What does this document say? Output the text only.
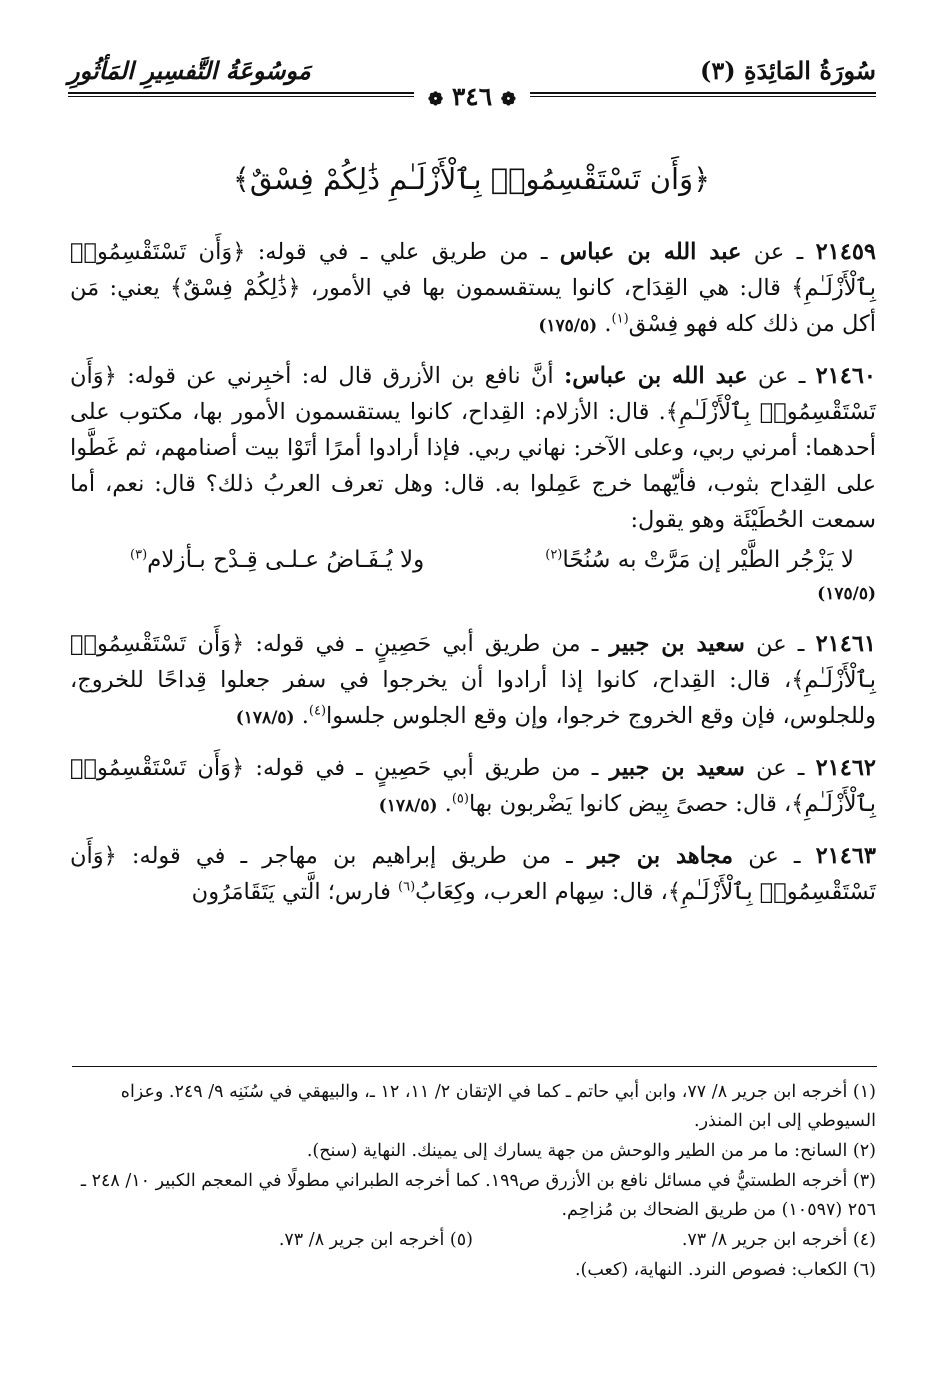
سُورَةُ المَائِدَةِ (٣)
مَوسُوعَةُ التَّفسِيرِ المَأثُورِ
❁ ٣٤٦ ❁
﴿وَأَن تَسْتَقْسِمُوا۟ بِٱلْأَزْلَـٰمِ ذَٰلِكُمْ فِسْقٌ﴾

٢١٤٥٩ ـ عن عبد الله بن عباس ـ من طريق علي ـ في قوله: ﴿وَأَن تَسْتَقْسِمُوا۟ بِٱلْأَزْلَـٰمِ﴾ قال: هي القِدَاح، كانوا يستقسمون بها في الأمور، ﴿ذَٰلِكُمْ فِسْقٌ﴾ يعني: مَن أكل من ذلك كله فهو فِسْق$^{(١)}$. (١٧٥/٥)

٢١٤٦٠ ـ عن عبد الله بن عباس: أنَّ نافع بن الأزرق قال له: أخبِرني عن قوله: ﴿وَأَن تَسْتَقْسِمُوا۟ بِٱلْأَزْلَـٰمِ﴾. قال: الأزلام: القِداح، كانوا يستقسمون الأمور بها، مكتوب على أحدهما: أمرني ربي، وعلى الآخر: نهاني ربي. فإذا أرادوا أمرًا أتَوْا بيت أصنامهم، ثم غَطَّوا على القِداح بثوب، فأيّهما خرج عَمِلوا به. قال: وهل تعرف العربُ ذلك؟ قال: نعم، أما سمعت الحُطَيْئَة وهو يقول:
لا يَزْجُر الطَّيْر إن مَرَّتْ به سُنُحًا$^{(٢)}$
ولا يُـفَـاضُ عـلـى قِـدْح بـأزلام$^{(٣)}$
(١٧٥/٥)

٢١٤٦١ ـ عن سعيد بن جبير ـ من طريق أبي حَصِينٍ ـ في قوله: ﴿وَأَن تَسْتَقْسِمُوا۟ بِٱلْأَزْلَـٰمِ﴾، قال: القِداح، كانوا إذا أرادوا أن يخرجوا في سفر جعلوا قِداحًا للخروج، وللجلوس، فإن وقع الخروج خرجوا، وإن وقع الجلوس جلسوا$^{(٤)}$. (١٧٨/٥)

٢١٤٦٢ ـ عن سعيد بن جبير ـ من طريق أبي حَصِينٍ ـ في قوله: ﴿وَأَن تَسْتَقْسِمُوا۟ بِٱلْأَزْلَـٰمِ﴾، قال: حصىً بِيض كانوا يَضْربون بها$^{(٥)}$. (١٧٨/٥)

٢١٤٦٣ ـ عن مجاهد بن جبر ـ من طريق إبراهيم بن مهاجر ـ في قوله: ﴿وَأَن تَسْتَقْسِمُوا۟ بِٱلْأَزْلَـٰمِ﴾، قال: سِهام العرب، وكِعَابُ$^{(٦)}$ فارس؛ الَّتي يَتَقَامَرُون

(١) أخرجه ابن جرير ٨/ ٧٧، وابن أبي حاتم ـ كما في الإتقان ٢/ ١١، ١٢ ـ، والبيهقي في سُنَنِه ٩/ ٢٤٩. وعزاه السيوطي إلى ابن المنذر.

(٢) السانح: ما مر من الطير والوحش من جهة يسارك إلى يمينك. النهاية (سنح).

(٣) أخرجه الطستيُّ في مسائل نافع بن الأزرق ص١٩٩. كما أخرجه الطبراني مطولًا في المعجم الكبير ١٠/ ٢٤٨ ـ ٢٥٦ (١٠٥٩٧) من طريق الضحاك بن مُزاحِم.

(٤) أخرجه ابن جرير ٨/ ٧٣.

(٥) أخرجه ابن جرير ٨/ ٧٣.

(٦) الكعاب: فصوص النرد. النهاية، (كعب).
